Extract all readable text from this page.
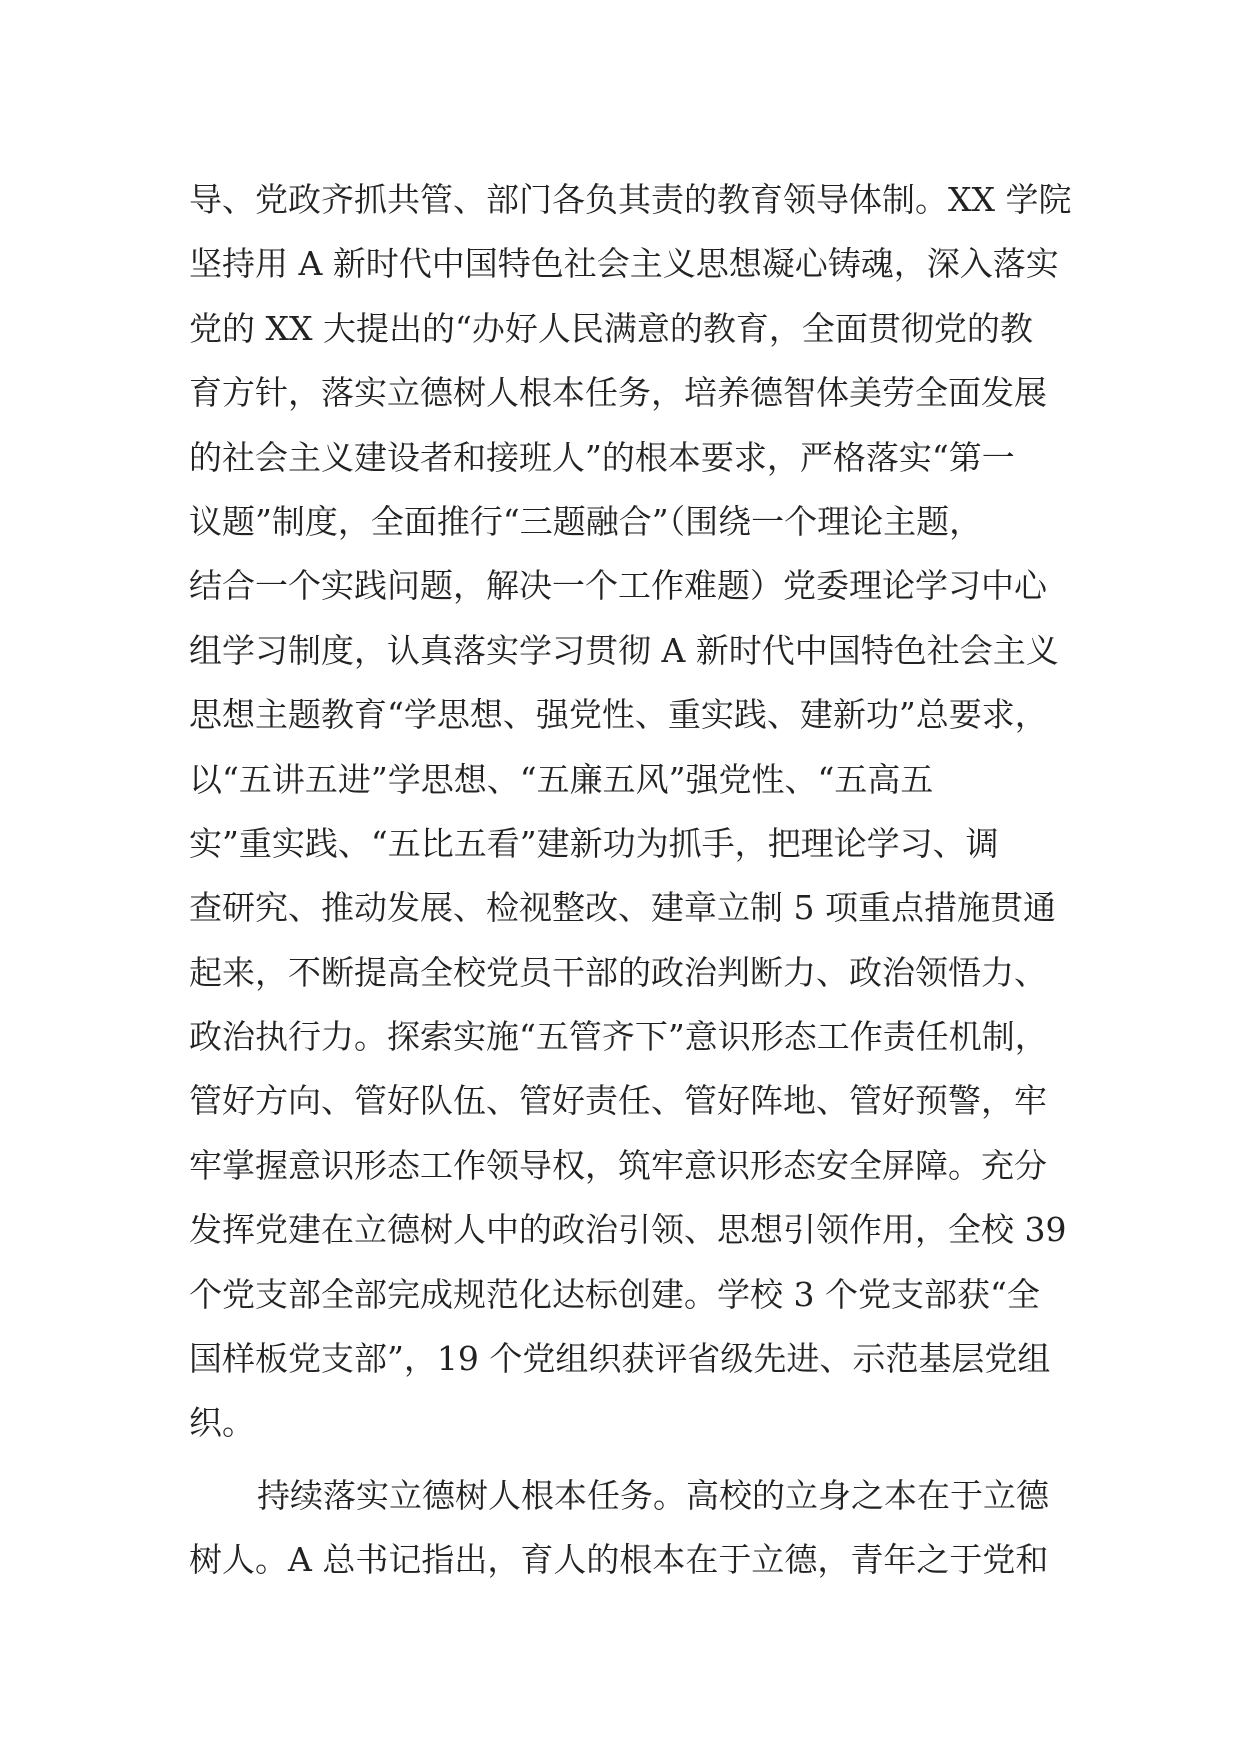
导、党政齐抓共管、部门各负其责的教育领导体制。XX 学院
坚持用 A 新时代中国特色社会主义思想凝心铸魂，深入落实
党的 XX 大提出的“办好人民满意的教育，全面贯彻党的教
育方针，落实立德树人根本任务，培养德智体美劳全面发展
的社会主义建设者和接班人”的根本要求，严格落实“第一
议题”制度，全面推行“三题融合”（围绕一个理论主题，
结合一个实践问题，解决一个工作难题）党委理论学习中心
组学习制度，认真落实学习贯彻 A 新时代中国特色社会主义
思想主题教育“学思想、强党性、重实践、建新功”总要求，
以“五讲五进”学思想、“五廉五风”强党性、“五高五
实”重实践、“五比五看”建新功为抓手，把理论学习、调
查研究、推动发展、检视整改、建章立制 5 项重点措施贯通
起来，不断提高全校党员干部的政治判断力、政治领悟力、
政治执行力。探索实施“五管齐下”意识形态工作责任机制，
管好方向、管好队伍、管好责任、管好阵地、管好预警，牢
牢掌握意识形态工作领导权，筑牢意识形态安全屏障。充分
发挥党建在立德树人中的政治引领、思想引领作用，全校 39
个党支部全部完成规范化达标创建。学校 3 个党支部获“全
国样板党支部”，19 个党组织获评省级先进、示范基层党组
织。
持续落实立德树人根本任务。高校的立身之本在于立德
树人。A 总书记指出，育人的根本在于立德，青年之于党和
